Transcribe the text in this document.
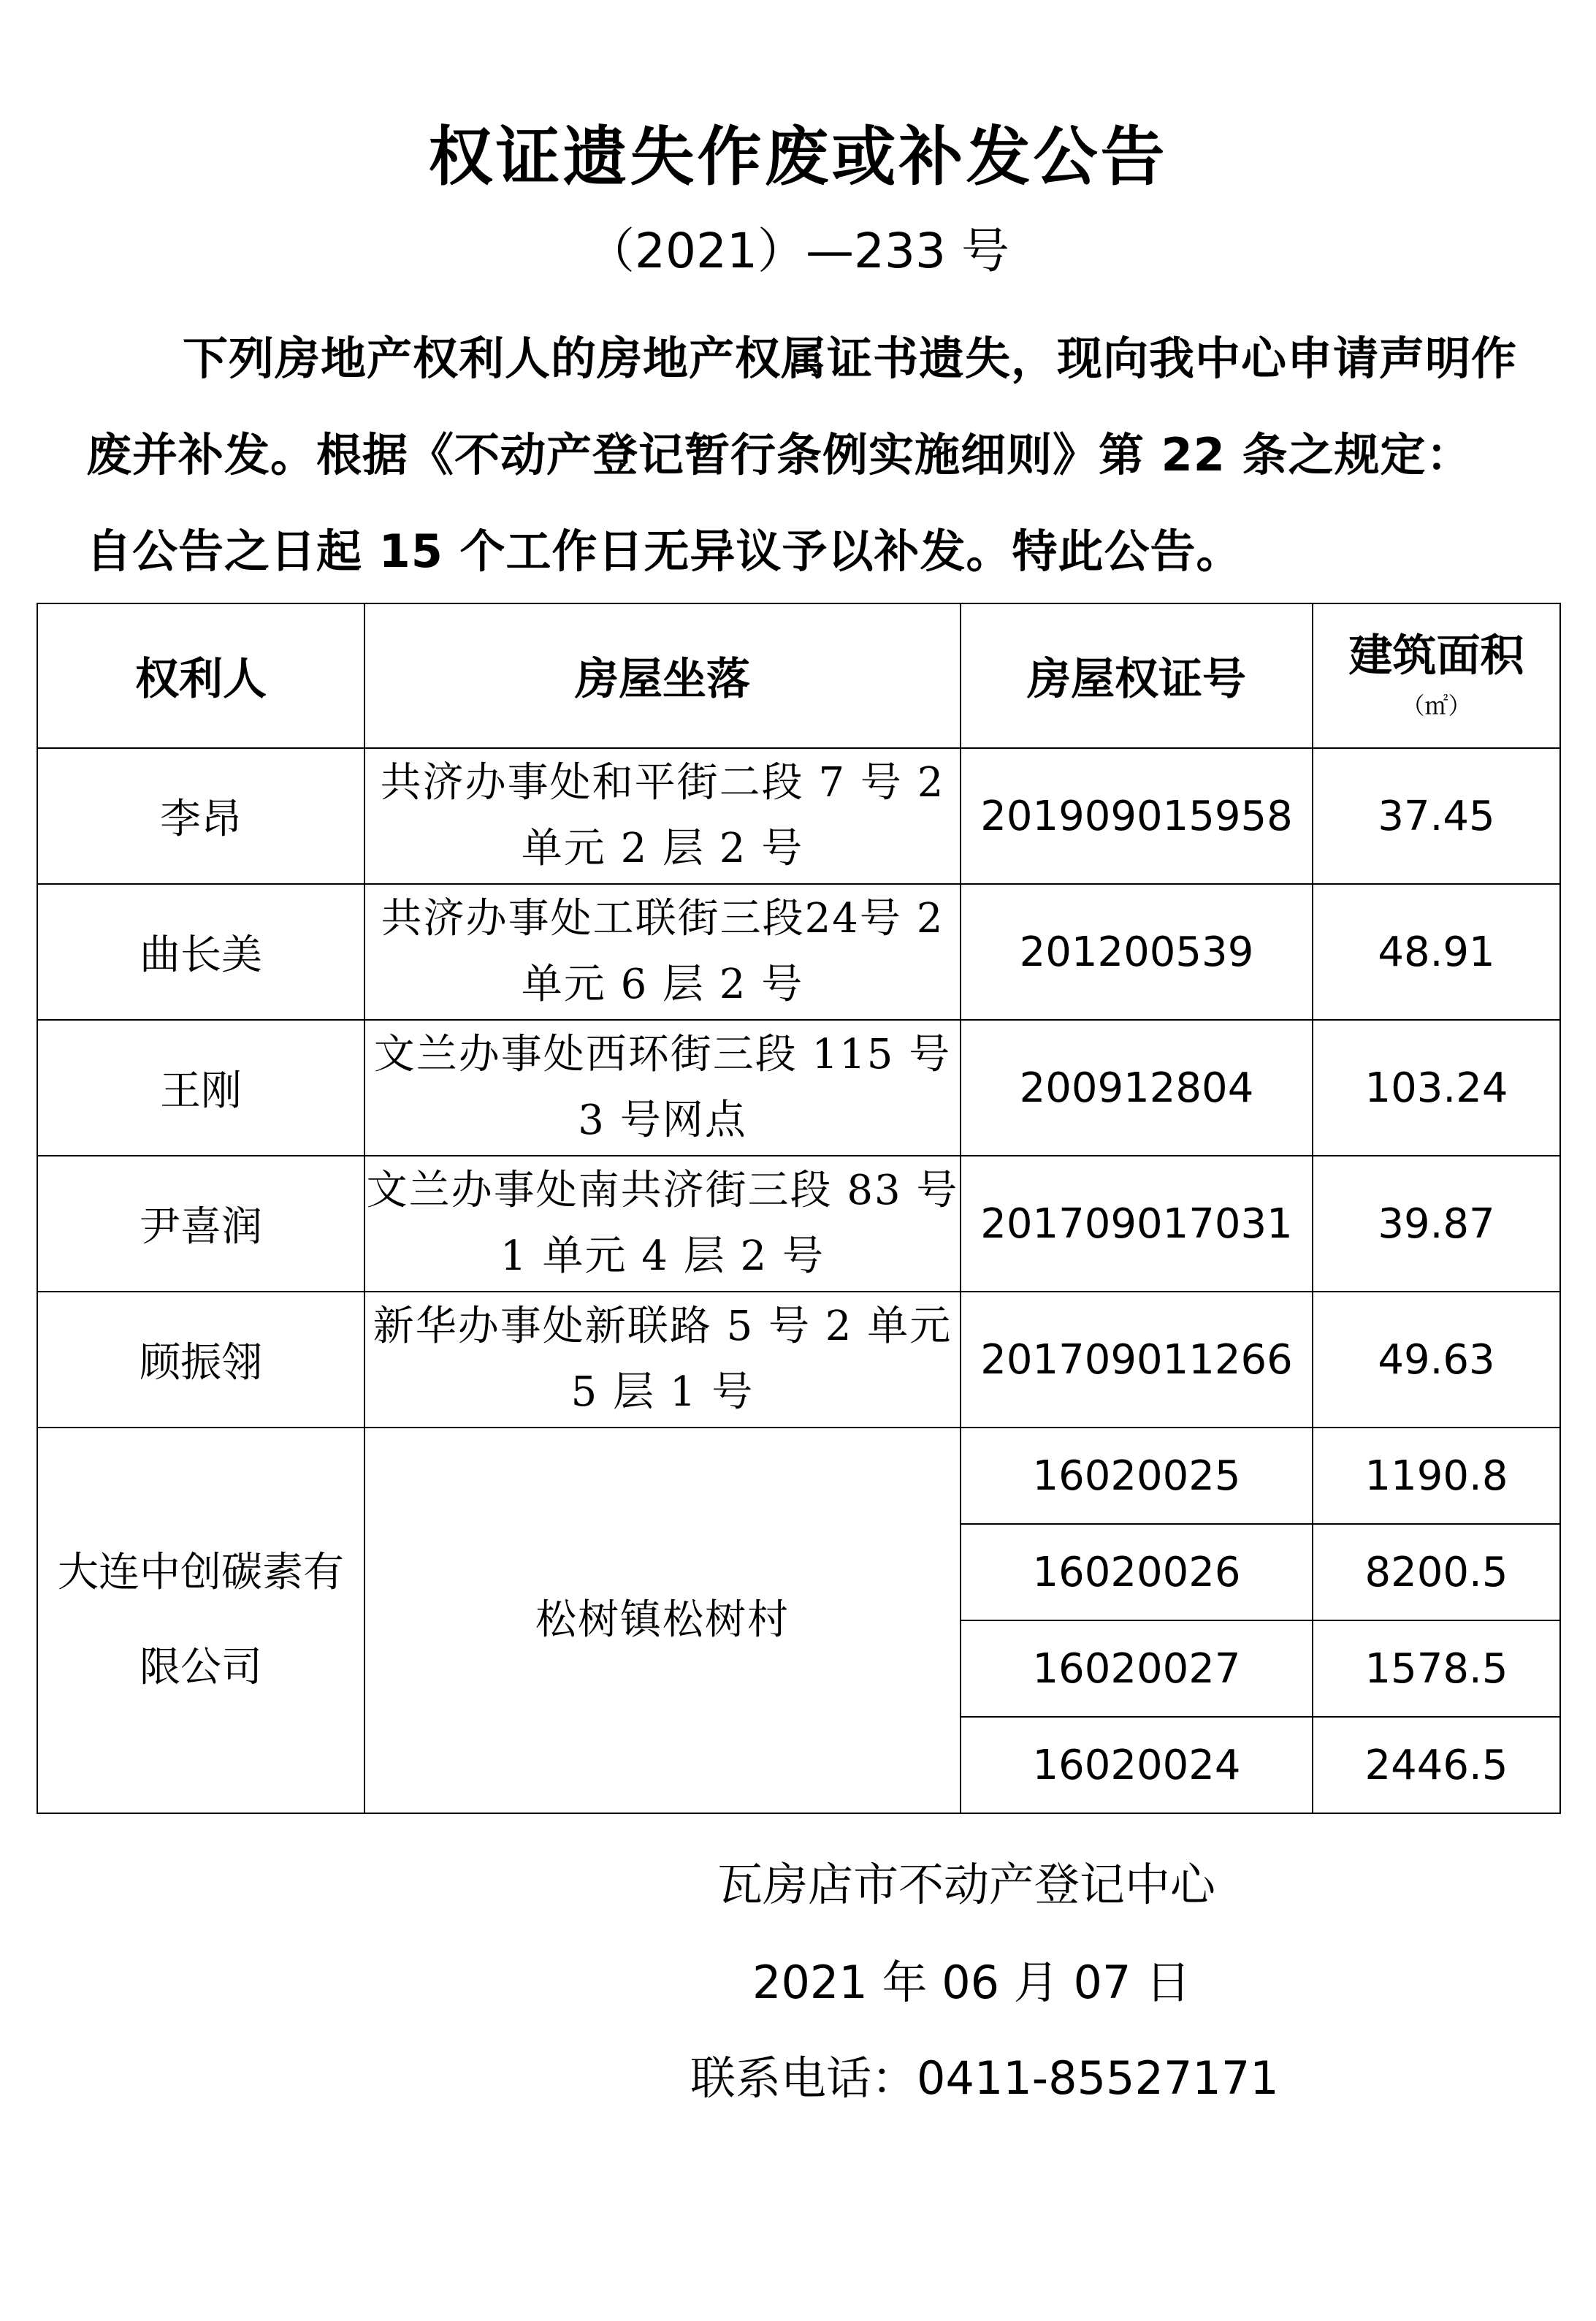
权证遗失作废或补发公告
（2021）—233 号
下列房地产权利人的房地产权属证书遗失，现向我中心申请声明作废并补发。根据《不动产登记暂行条例实施细则》第 22 条之规定：自公告之日起 15 个工作日无异议予以补发。特此公告。
权利人	房屋坐落	房屋权证号	建筑面积
（㎡）

李昂	共济办事处和平街二段 7 号 2 单元 2 层 2 号	201909015958	37.45
曲长美	共济办事处工联街三段24号 2 单元 6 层 2 号	201200539	48.91
王刚	文兰办事处西环街三段 115 号 3 号网点	200912804	103.24
尹喜润	文兰办事处南共济街三段 83 号 1 单元 4 层 2 号	201709017031	39.87
顾振翎	新华办事处新联路 5 号 2 单元 5 层 1 号	201709011266	49.63
大连中创碳素有限公司	松树镇松树村	16020025	1190.8
		16020026	8200.5
		16020027	1578.5
		16020024	2446.5
瓦房店市不动产登记中心
2021 年 06 月 07 日
联系电话：0411-85527171
